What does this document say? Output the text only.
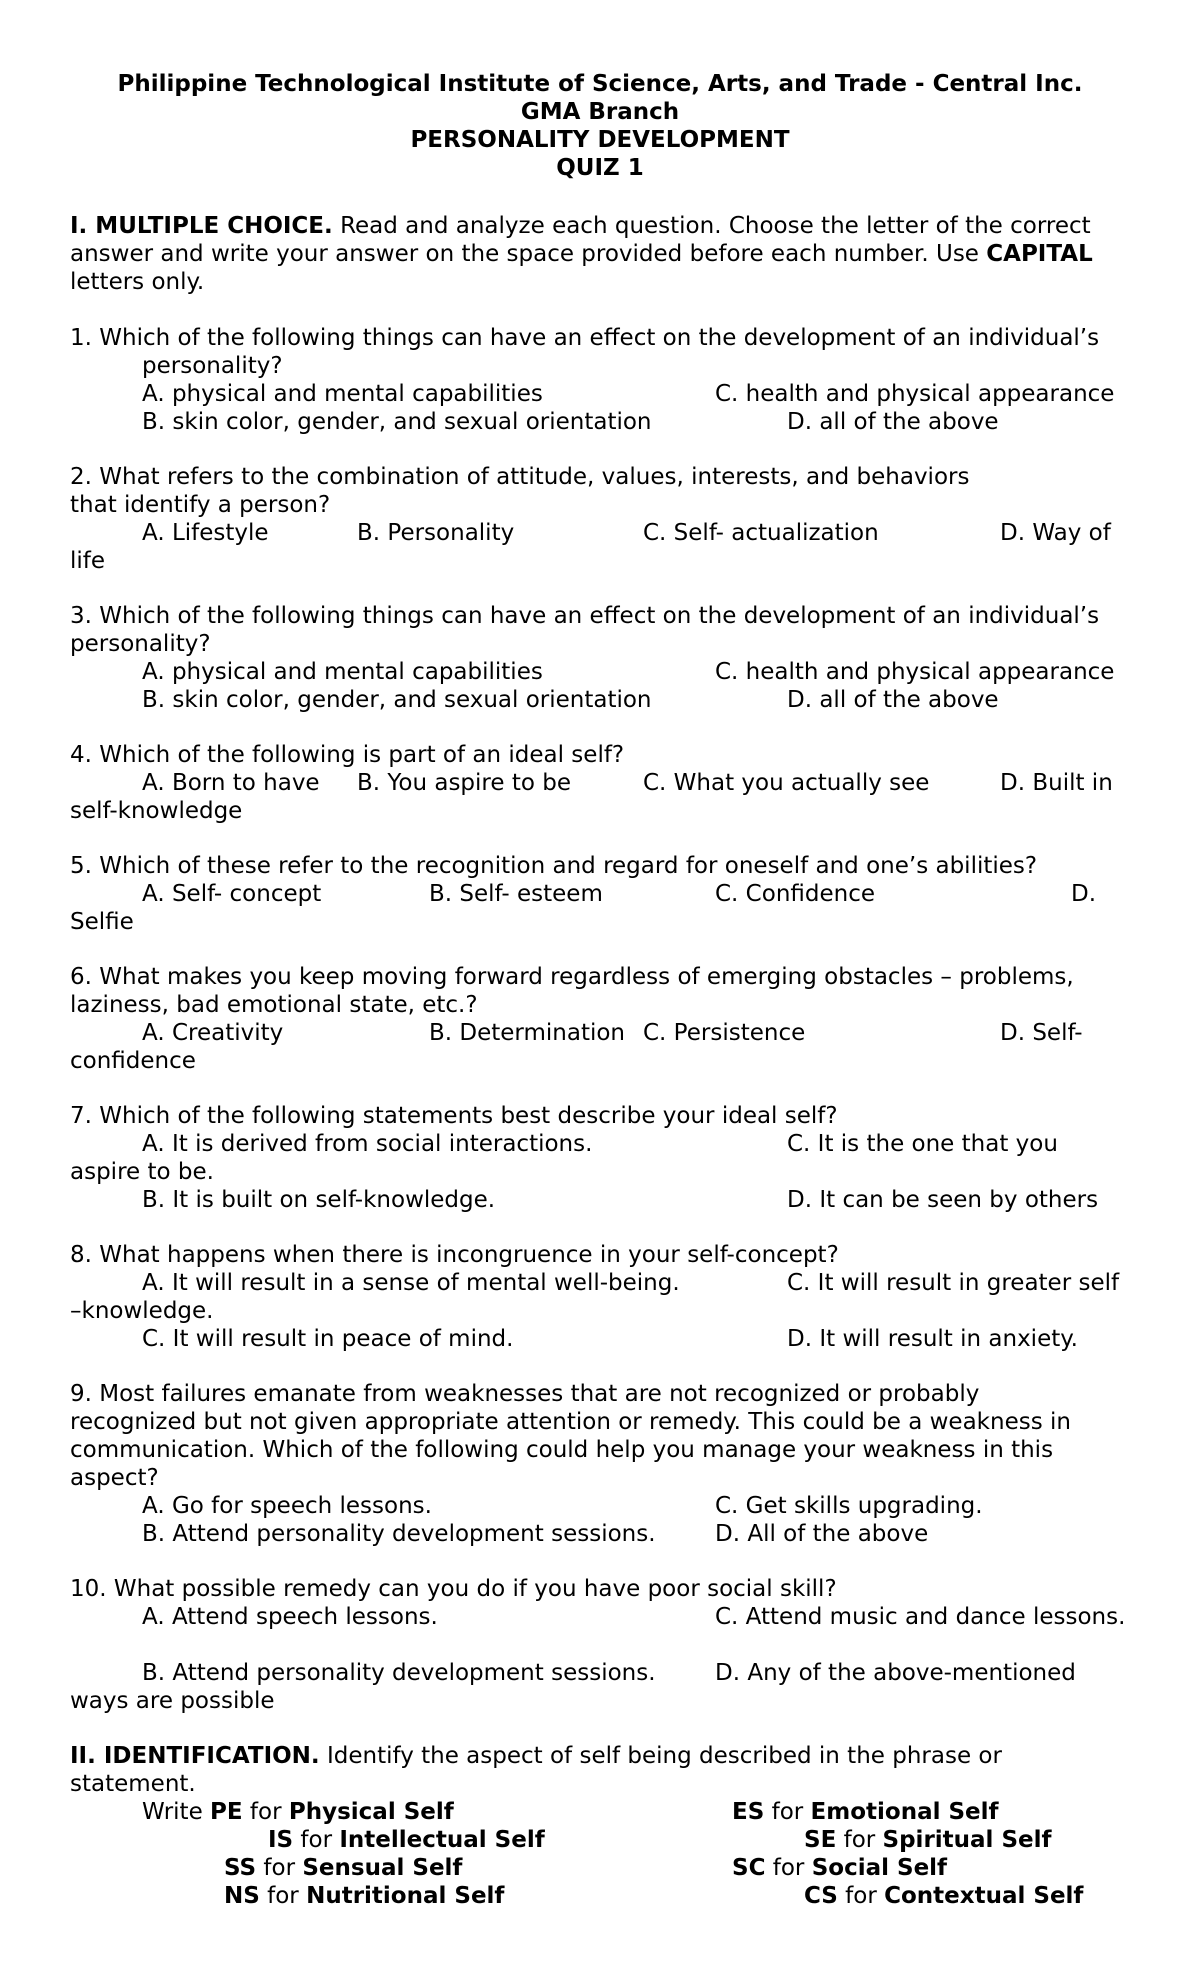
Philippine Technological Institute of Science, Arts, and Trade - Central Inc.
GMA Branch
PERSONALITY DEVELOPMENT
QUIZ 1
I. MULTIPLE CHOICE. Read and analyze each question. Choose the letter of the correct
answer and write your answer on the space provided before each number. Use CAPITAL
letters only.
1. Which of the following things can have an effect on the development of an individual’s
personality?
A. physical and mental capabilities	C. health and physical appearance
B. skin color, gender, and sexual orientation	D. all of the above
2. What refers to the combination of attitude, values, interests, and behaviors
that identify a person?
A. Lifestyle	B. Personality	C. Self- actualization	D. Way of
life
3. Which of the following things can have an effect on the development of an individual’s
personality?
A. physical and mental capabilities	C. health and physical appearance
B. skin color, gender, and sexual orientation	D. all of the above
4. Which of the following is part of an ideal self?
A. Born to have B. You aspire to be	C. What you actually see	D. Built in
self-knowledge
5. Which of these refer to the recognition and regard for oneself and one’s abilities?
A. Self- concept	B. Self- esteem	C. Confidence	D.
Selfie
6. What makes you keep moving forward regardless of emerging obstacles – problems,
laziness, bad emotional state, etc.?
A. Creativity	B. Determination C. Persistence	D. Self-
confidence
7. Which of the following statements best describe your ideal self?
A. It is derived from social interactions.	C. It is the one that you
aspire to be.
B. It is built on self-knowledge.	D. It can be seen by others
8. What happens when there is incongruence in your self-concept?
A. It will result in a sense of mental well-being.	C. It will result in greater self
–knowledge.
C. It will result in peace of mind.	D. It will result in anxiety.
9. Most failures emanate from weaknesses that are not recognized or probably
recognized but not given appropriate attention or remedy. This could be a weakness in
communication. Which of the following could help you manage your weakness in this
aspect?
A. Go for speech lessons.	C. Get skills upgrading.
B. Attend personality development sessions.	D. All of the above
10. What possible remedy can you do if you have poor social skill?
A. Attend speech lessons.	C. Attend music and dance lessons.
B. Attend personality development sessions.	D. Any of the above-mentioned
ways are possible
II. IDENTIFICATION. Identify the aspect of self being described in the phrase or
statement.
Write PE for Physical Self	ES for Emotional Self
IS for Intellectual Self	SE for Spiritual Self
SS for Sensual Self	SC for Social Self
NS for Nutritional Self	CS for Contextual Self
